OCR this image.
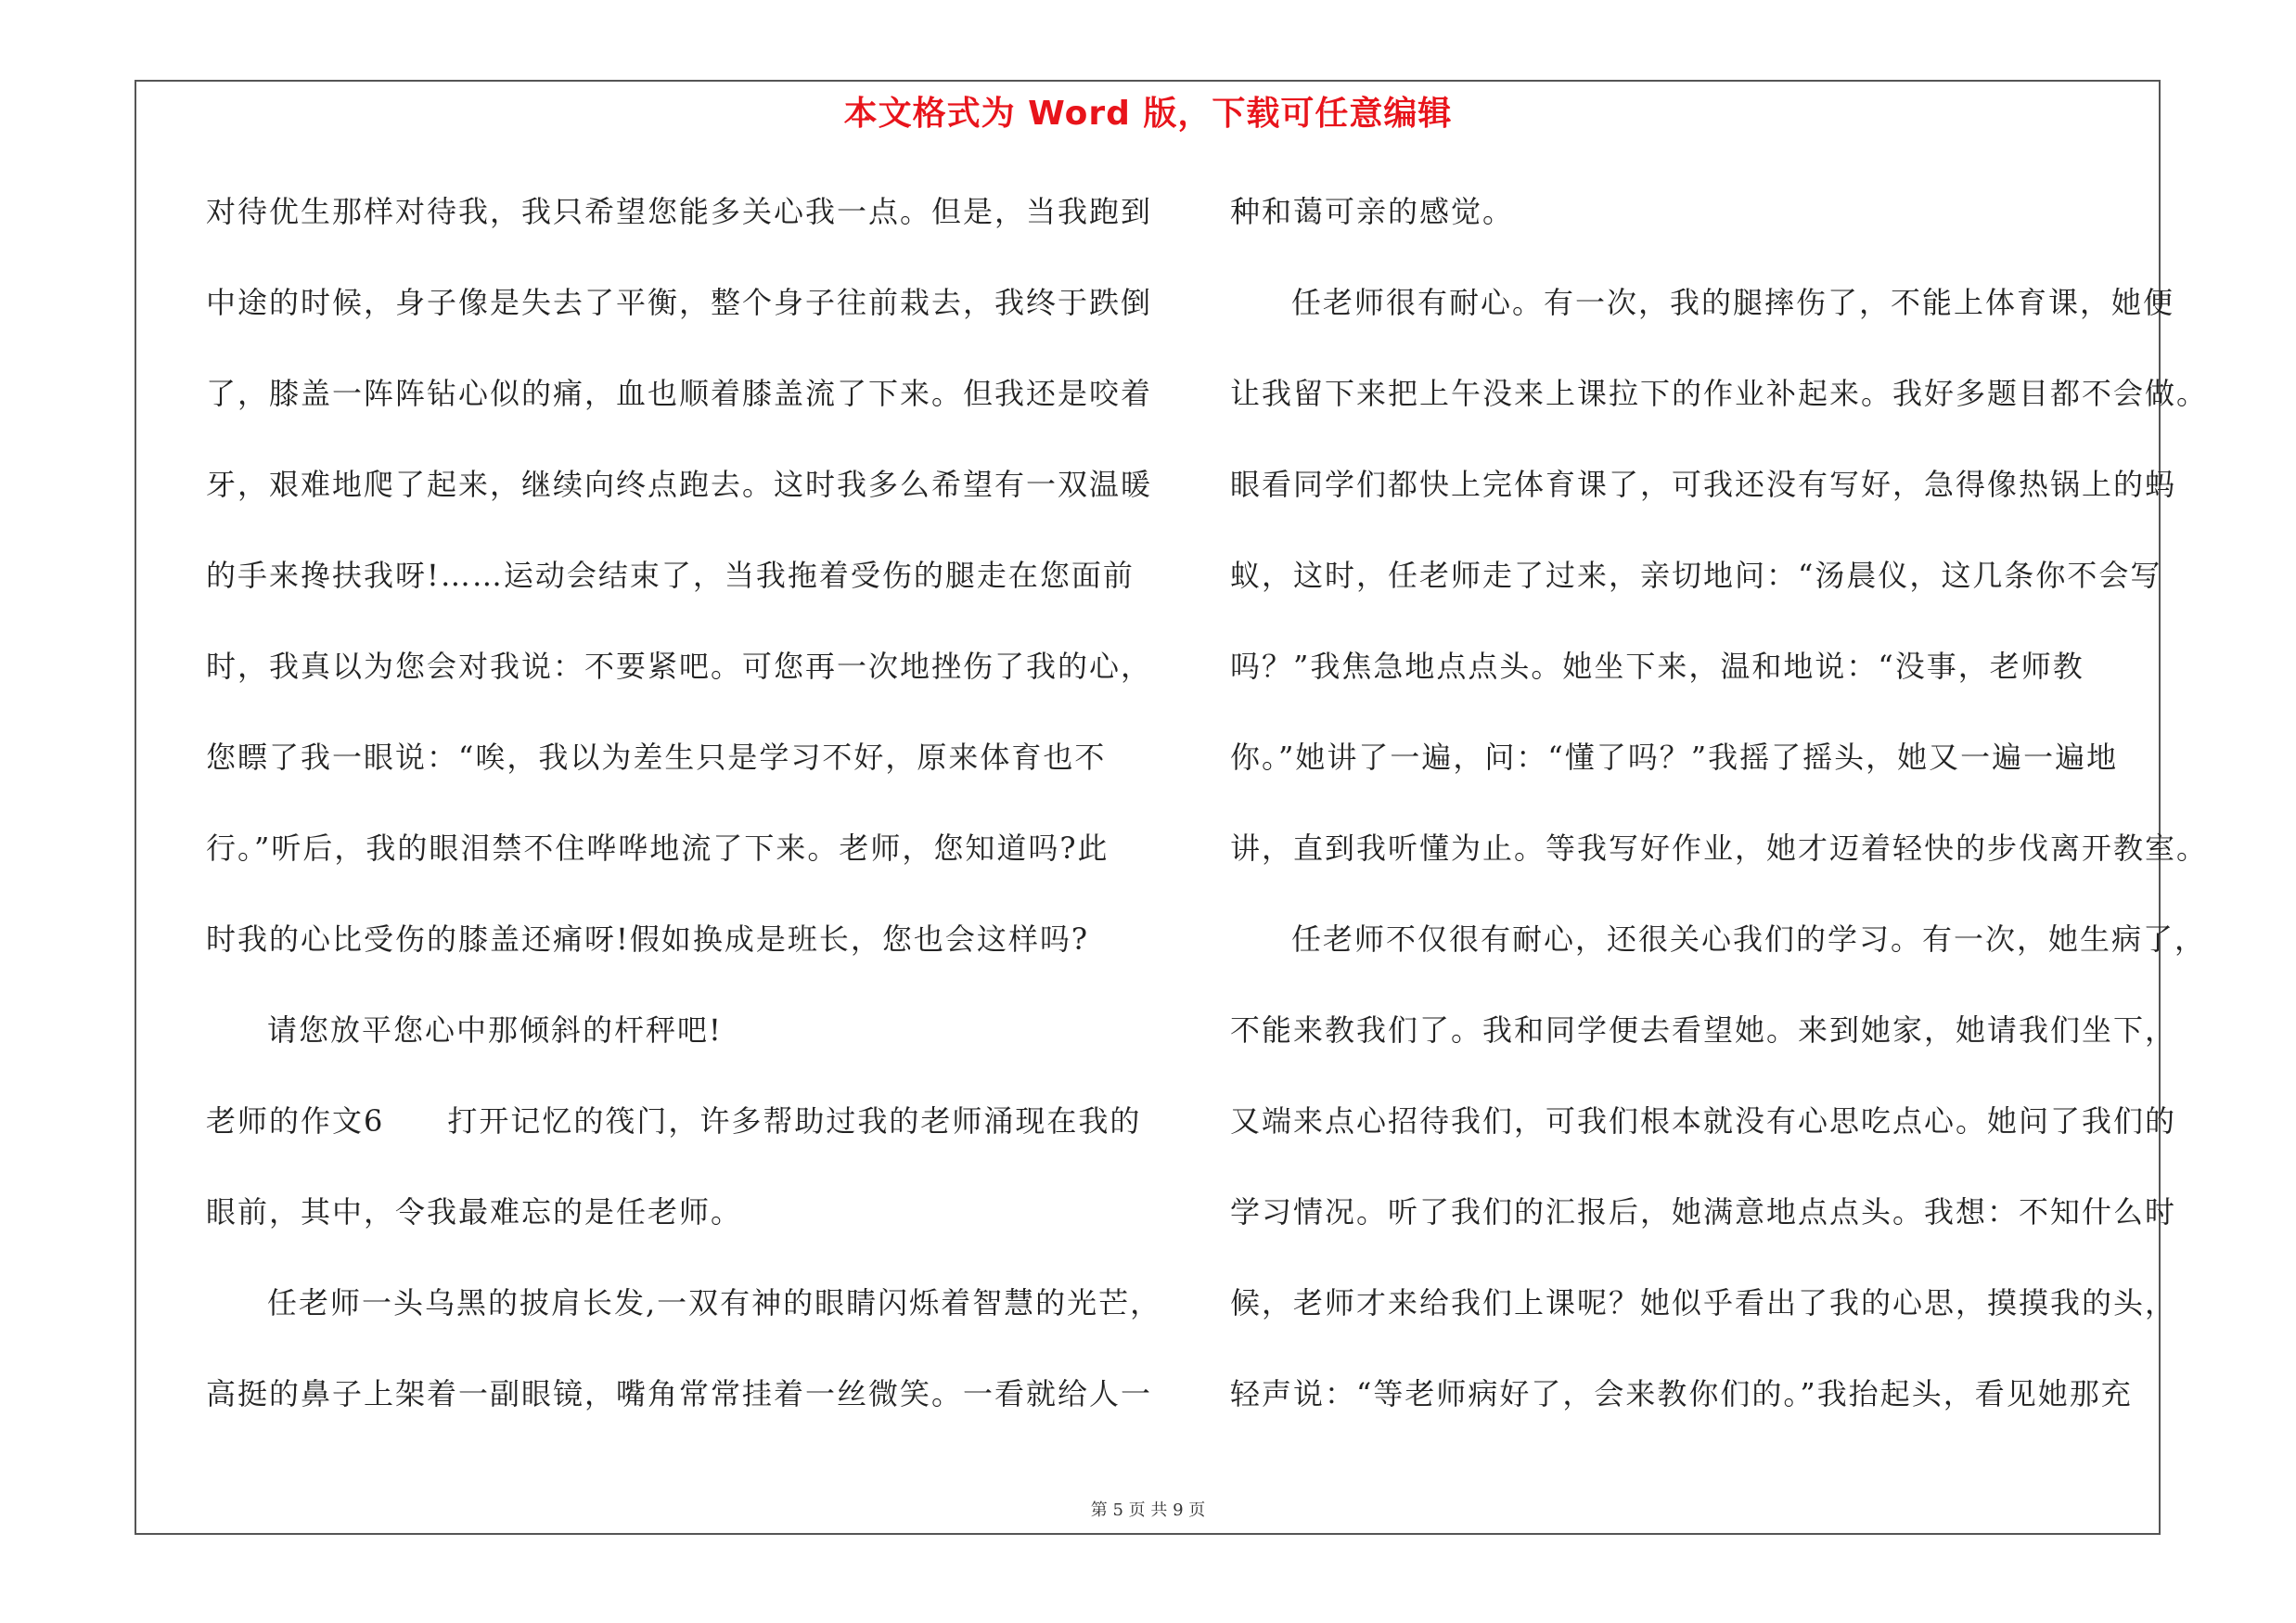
本文格式为 Word 版，下载可任意编辑
对待优生那样对待我，我只希望您能多关心我一点。但是，当我跑到
中途的时候，身子像是失去了平衡，整个身子往前栽去，我终于跌倒
了，膝盖一阵阵钻心似的痛，血也顺着膝盖流了下来。但我还是咬着
牙，艰难地爬了起来，继续向终点跑去。这时我多么希望有一双温暖
的手来搀扶我呀!……运动会结束了，当我拖着受伤的腿走在您面前
时，我真以为您会对我说：不要紧吧。可您再一次地挫伤了我的心，
您瞟了我一眼说：“唉，我以为差生只是学习不好，原来体育也不
行。”听后，我的眼泪禁不住哗哗地流了下来。老师，您知道吗?此
时我的心比受伤的膝盖还痛呀!假如换成是班长，您也会这样吗?
请您放平您心中那倾斜的杆秤吧!
老师的作文6　　打开记忆的筏门，许多帮助过我的老师涌现在我的
眼前，其中，令我最难忘的是任老师。
任老师一头乌黑的披肩长发,一双有神的眼睛闪烁着智慧的光芒，
高挺的鼻子上架着一副眼镜，嘴角常常挂着一丝微笑。一看就给人一
种和蔼可亲的感觉。
任老师很有耐心。有一次，我的腿摔伤了，不能上体育课，她便
让我留下来把上午没来上课拉下的作业补起来。我好多题目都不会做。
眼看同学们都快上完体育课了，可我还没有写好，急得像热锅上的蚂
蚁，这时，任老师走了过来，亲切地问：“汤晨仪，这几条你不会写
吗？”我焦急地点点头。她坐下来，温和地说：“没事，老师教
你。”她讲了一遍，问：“懂了吗？”我摇了摇头，她又一遍一遍地
讲，直到我听懂为止。等我写好作业，她才迈着轻快的步伐离开教室。
任老师不仅很有耐心，还很关心我们的学习。有一次，她生病了，
不能来教我们了。我和同学便去看望她。来到她家，她请我们坐下，
又端来点心招待我们，可我们根本就没有心思吃点心。她问了我们的
学习情况。听了我们的汇报后，她满意地点点头。我想：不知什么时
候，老师才来给我们上课呢？她似乎看出了我的心思，摸摸我的头，
轻声说：“等老师病好了，会来教你们的。”我抬起头，看见她那充
第 5 页 共 9 页
